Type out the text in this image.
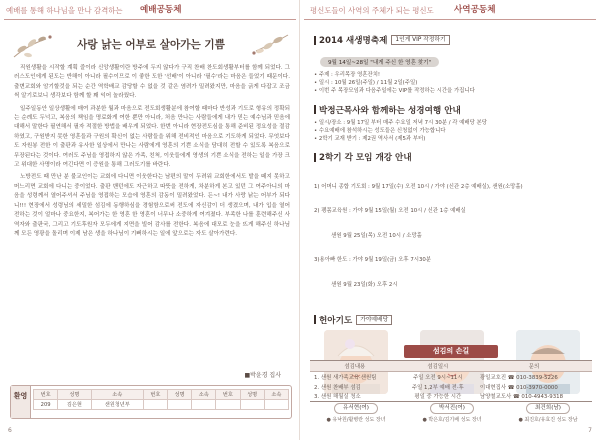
예배를 통해 하나님을 만나 감격하는 예배공동체
사랑 낡는 어부로 살아가는 기쁨

직원생활을 시작할 계획 즐이라 신앙생활이란 방주에 두지 않다가 구직 찬배 찬도회생활부터를 함께 되었다. 그러스도인에게 된도는 반해이 아니라 필수이므로 이 좋한 도한 '선배'이 아니라 '필수'라는 마음은 들었기 때문이다. 출변교회와 암기할것을 되는 순간 역학배교 감당할 수 없을 것 같은 염려가 밀려왔지만, 마음을 긁게 다잡고 조금씩 알기로보니 생각보다 함께 할 꽤 익어 놀라웠다.

일주일동안 일상생활에 매여 과분한 월과 마음으로 전도회생활분에 참여할 때마다 반성과 기도로 형유의 정확되는 순례도 두넉고, 복음의 책임을 명료화게 여한 뿐만 아니라, 처음 만나는 사람들에게 내가 믿는 예수님과 믿음에 대해서 말한다 필연해서 필자 적절한 방법을 배우게 되었다. 한번 아니라 현장전도심을 통해 준비된 정요성을 절감하였고, 구원받지 못한 영혼들과 구원의 확신이 없는 사람들을 위해 전비적인 마음으로 기도하게 되었다. 무엇보다도 자원봉 전한 이 출판과 유사한 일상에서 만나는 사람에게 영혼의 기쁜 소식을 담대히 전할 수 있도록 복음으로 무장된다는 것이다. 여러도 주님을 영접하지 않은 가족, 친척, 이웃들에게 영생의 기쁜 소식을 전하는 일을 가장 크고 위대한 사명이라 여긴다면 이 증원을 통해 그러도기를 바란다.

노방전도 때 만난 분 불교인이는 교회에 다니면 이웃한다는 남편의 말이 두려워 교회한에서도 발을 떼지 못하고 머느리면 교회에 다니는 중이었다. 출판 밴턴에도 자근하고 따뜻을 전하게, 차분하게 본고 있던 그 여주아니의 마음을 성령께서 열어주셔서 주님을 영접하는 모습에 영혼의 감동이 밀려왔었다. 든~! 내가 사랑 낡는 어부가 되다니!!! 현장에서 성령님의 세밀한 섬김에 동행하심을 경험함으로써 전도에 자신감이 더 생겼으며, 내가 입을 열어 전하는 것이 얼마나 중요한지, 복어가는 한 영혼 한 영혼이 너무나 소중하게 여겨졌다. 부족한 나를 훈련해주신 사역자와 출판국, 그리고 기도후원자 모두에게 지면을 빌어 감사를 전한다. 복음에 대모로 눈을 뜨게 해주신 하나님께 모든 영광을 돌리며 이제 남은 생을 하나님이 기뻐하시는 일에 앞으로는 자도 살아가련다.

■박윤경 집사
환영	번호	성명	소속	번호	성명	소속	번호	성명	소속
209	김은현	샌원청년부						
6
평신도들이 사역의 주체가 되는 평신도 사역공동체
2014 새생명축제	1인게 VIP 작정하기
9월 14일~28일 "내게 주신 한 영혼 찾기"
• 주제 : 우리목장 영혼잔치!
• 일시 : 10월 26일(주일) / 11월 2일(주일)
• 이번 주 목장모임과 다음주일에는 VIP를 작정하는 시간을 가집니다
박정근목사와 함께하는 성경여행 안내
• 일시/장소 : 9월 17일 부터 매주 수요일 저녁 7시 30분 / 각 예배당 본당
• 수요예배에 참석하시는 성도들은 신청없이 가능합니다
• 2학기 교재 받기 : 제2권 역사서 (제5과 부터)
2학기 각 모임 개강 안내

1) 어머니 종합 기도회 : 9월 17일(수) 오전 10시 / 가야 (신관 2층 예배실), 샌원(소망홀)

2) 팽몸교육원 : 가야 9월 15일(월) 오전 10시 / 신관 1층 예배실

샌원 9월 25일(목) 오전 10시 / 소망홀

3)용아빠 한도 : 가야 9월 19일(금) 오후 7시30분

샌원 9월 23일(화) 오후 2시

헌아기도	가야예배당
유서현(여)
● 유낙원/활병란 성도 장녀
박서진(여)
● 박은호/김기배 성도 장녀
최건희(남)
● 최진호/유효진 성도 장남
섬김의 손길
섬김내용	섬김일시	문의
1. 샌원 새가족교육·샌원팀	주일 오전 9시~11시	광일교호진 ☎ 010-3839-5226
2. 샌원 찬배부 섬김	주일 1,2부 예배 전·후	이대현집사 ☎ 010-3970-0000
3. 샌원 해월실 청소	평일 중 가능한 시간	남양철교도사 ☎ 010-4943-9318
7
